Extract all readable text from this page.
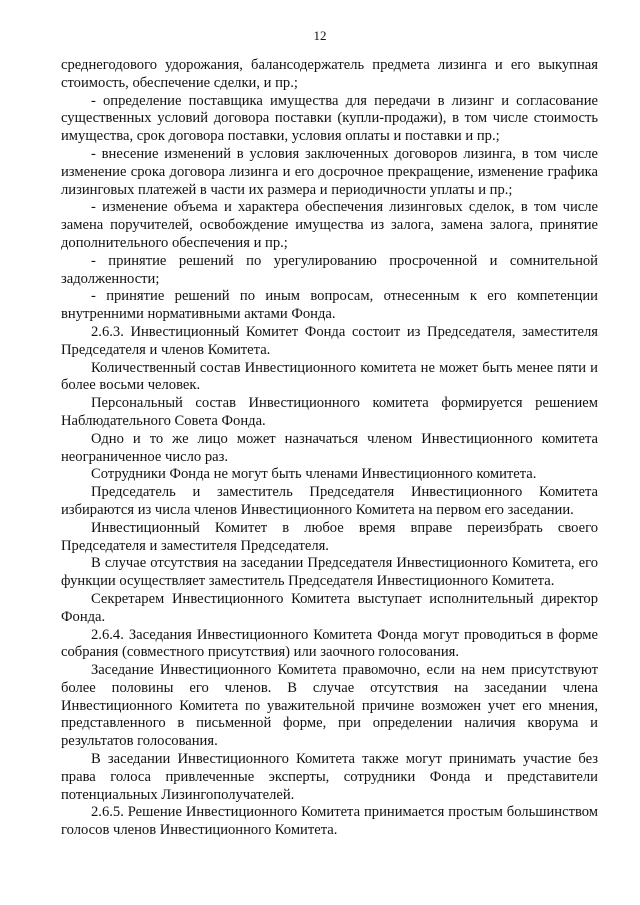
12

среднегодового удорожания, балансодержатель предмета лизинга и его выкупная стоимость, обеспечение сделки, и пр.;

- определение поставщика имущества для передачи в лизинг и согласование существенных условий договора поставки (купли-продажи), в том числе стоимость имущества, срок договора поставки, условия оплаты и поставки и пр.;

- внесение изменений в условия заключенных договоров лизинга, в том числе изменение срока договора лизинга и его досрочное прекращение, изменение графика лизинговых платежей в части их размера и периодичности уплаты и пр.;

- изменение объема и характера обеспечения лизинговых сделок, в том числе замена поручителей, освобождение имущества из залога, замена залога, принятие дополнительного обеспечения и пр.;

- принятие решений по урегулированию просроченной и сомнительной задолженности;

- принятие решений по иным вопросам, отнесенным к его компетенции внутренними нормативными актами Фонда.

2.6.3. Инвестиционный Комитет Фонда состоит из Председателя, заместителя Председателя и членов Комитета.

Количественный состав Инвестиционного комитета не может быть менее пяти и более восьми человек.

Персональный состав Инвестиционного комитета формируется решением Наблюдательного Совета Фонда.

Одно и то же лицо может назначаться членом Инвестиционного комитета неограниченное число раз.

Сотрудники Фонда не могут быть членами Инвестиционного комитета.

Председатель и заместитель Председателя Инвестиционного Комитета избираются из числа членов Инвестиционного Комитета на первом его заседании.

Инвестиционный Комитет в любое время вправе переизбрать своего Председателя и заместителя Председателя.

В случае отсутствия на заседании Председателя Инвестиционного Комитета, его функции осуществляет заместитель Председателя Инвестиционного Комитета.

Секретарем Инвестиционного Комитета выступает исполнительный директор Фонда.

2.6.4. Заседания Инвестиционного Комитета Фонда могут проводиться в форме собрания (совместного присутствия) или заочного голосования.

Заседание Инвестиционного Комитета правомочно, если на нем присутствуют более половины его членов. В случае отсутствия на заседании члена Инвестиционного Комитета по уважительной причине возможен учет его мнения, представленного в письменной форме, при определении наличия кворума и результатов голосования.

В заседании Инвестиционного Комитета также могут принимать участие без права голоса привлеченные эксперты, сотрудники Фонда и представители потенциальных Лизингополучателей.

2.6.5. Решение Инвестиционного Комитета принимается простым большинством голосов членов Инвестиционного Комитета.
